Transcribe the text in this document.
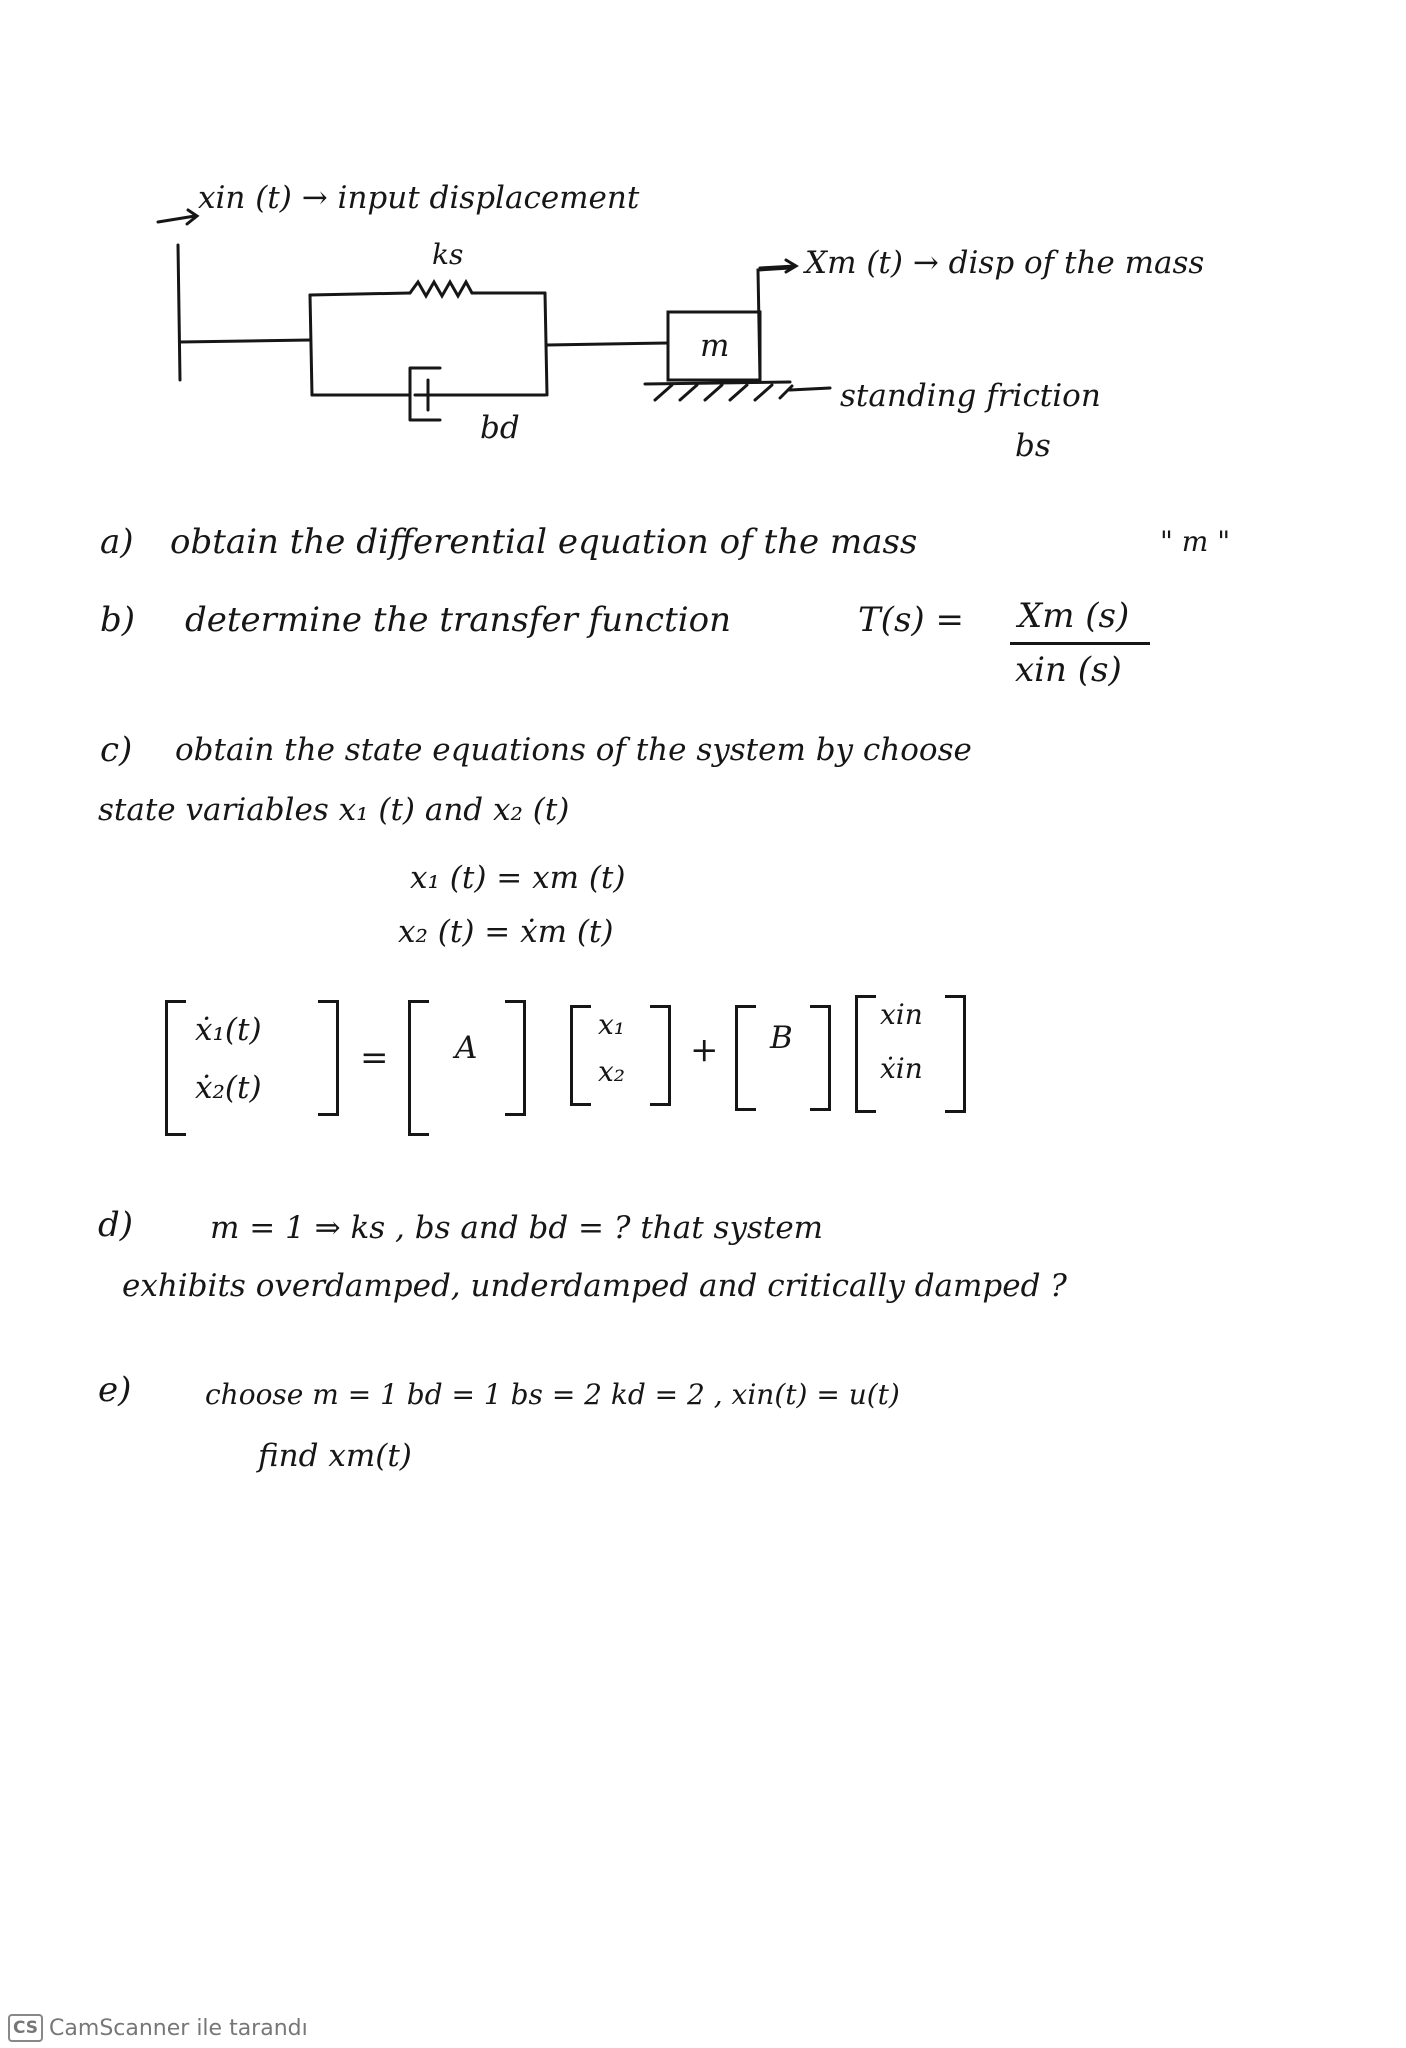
xin (t) → input displacement
ks
m
bd
Xm (t) → disp of the mass
standing friction
bs
a) obtain the differential equation of the mass	" m "
b) determine the transfer function	T(s) = Xm (s)
xin (s)
c) obtain the state equations of the system by choose
state variables x₁ (t) and x₂ (t)
x₁ (t) = xm (t)
x₂ (t) = ẋm (t)
ẋ₁(t)
ẋ₂(t)
= A
x₁
x₂
+ B
xin
ẋin
d) m = 1 ⇒ ks , bs and bd = ? that system
exhibits overdamped, underdamped and critically damped ?
e)	choose m = 1 bd = 1 bs = 2 kd = 2 , xin(t) = u(t)
find xm(t)
CS CamScanner ile tarandı
